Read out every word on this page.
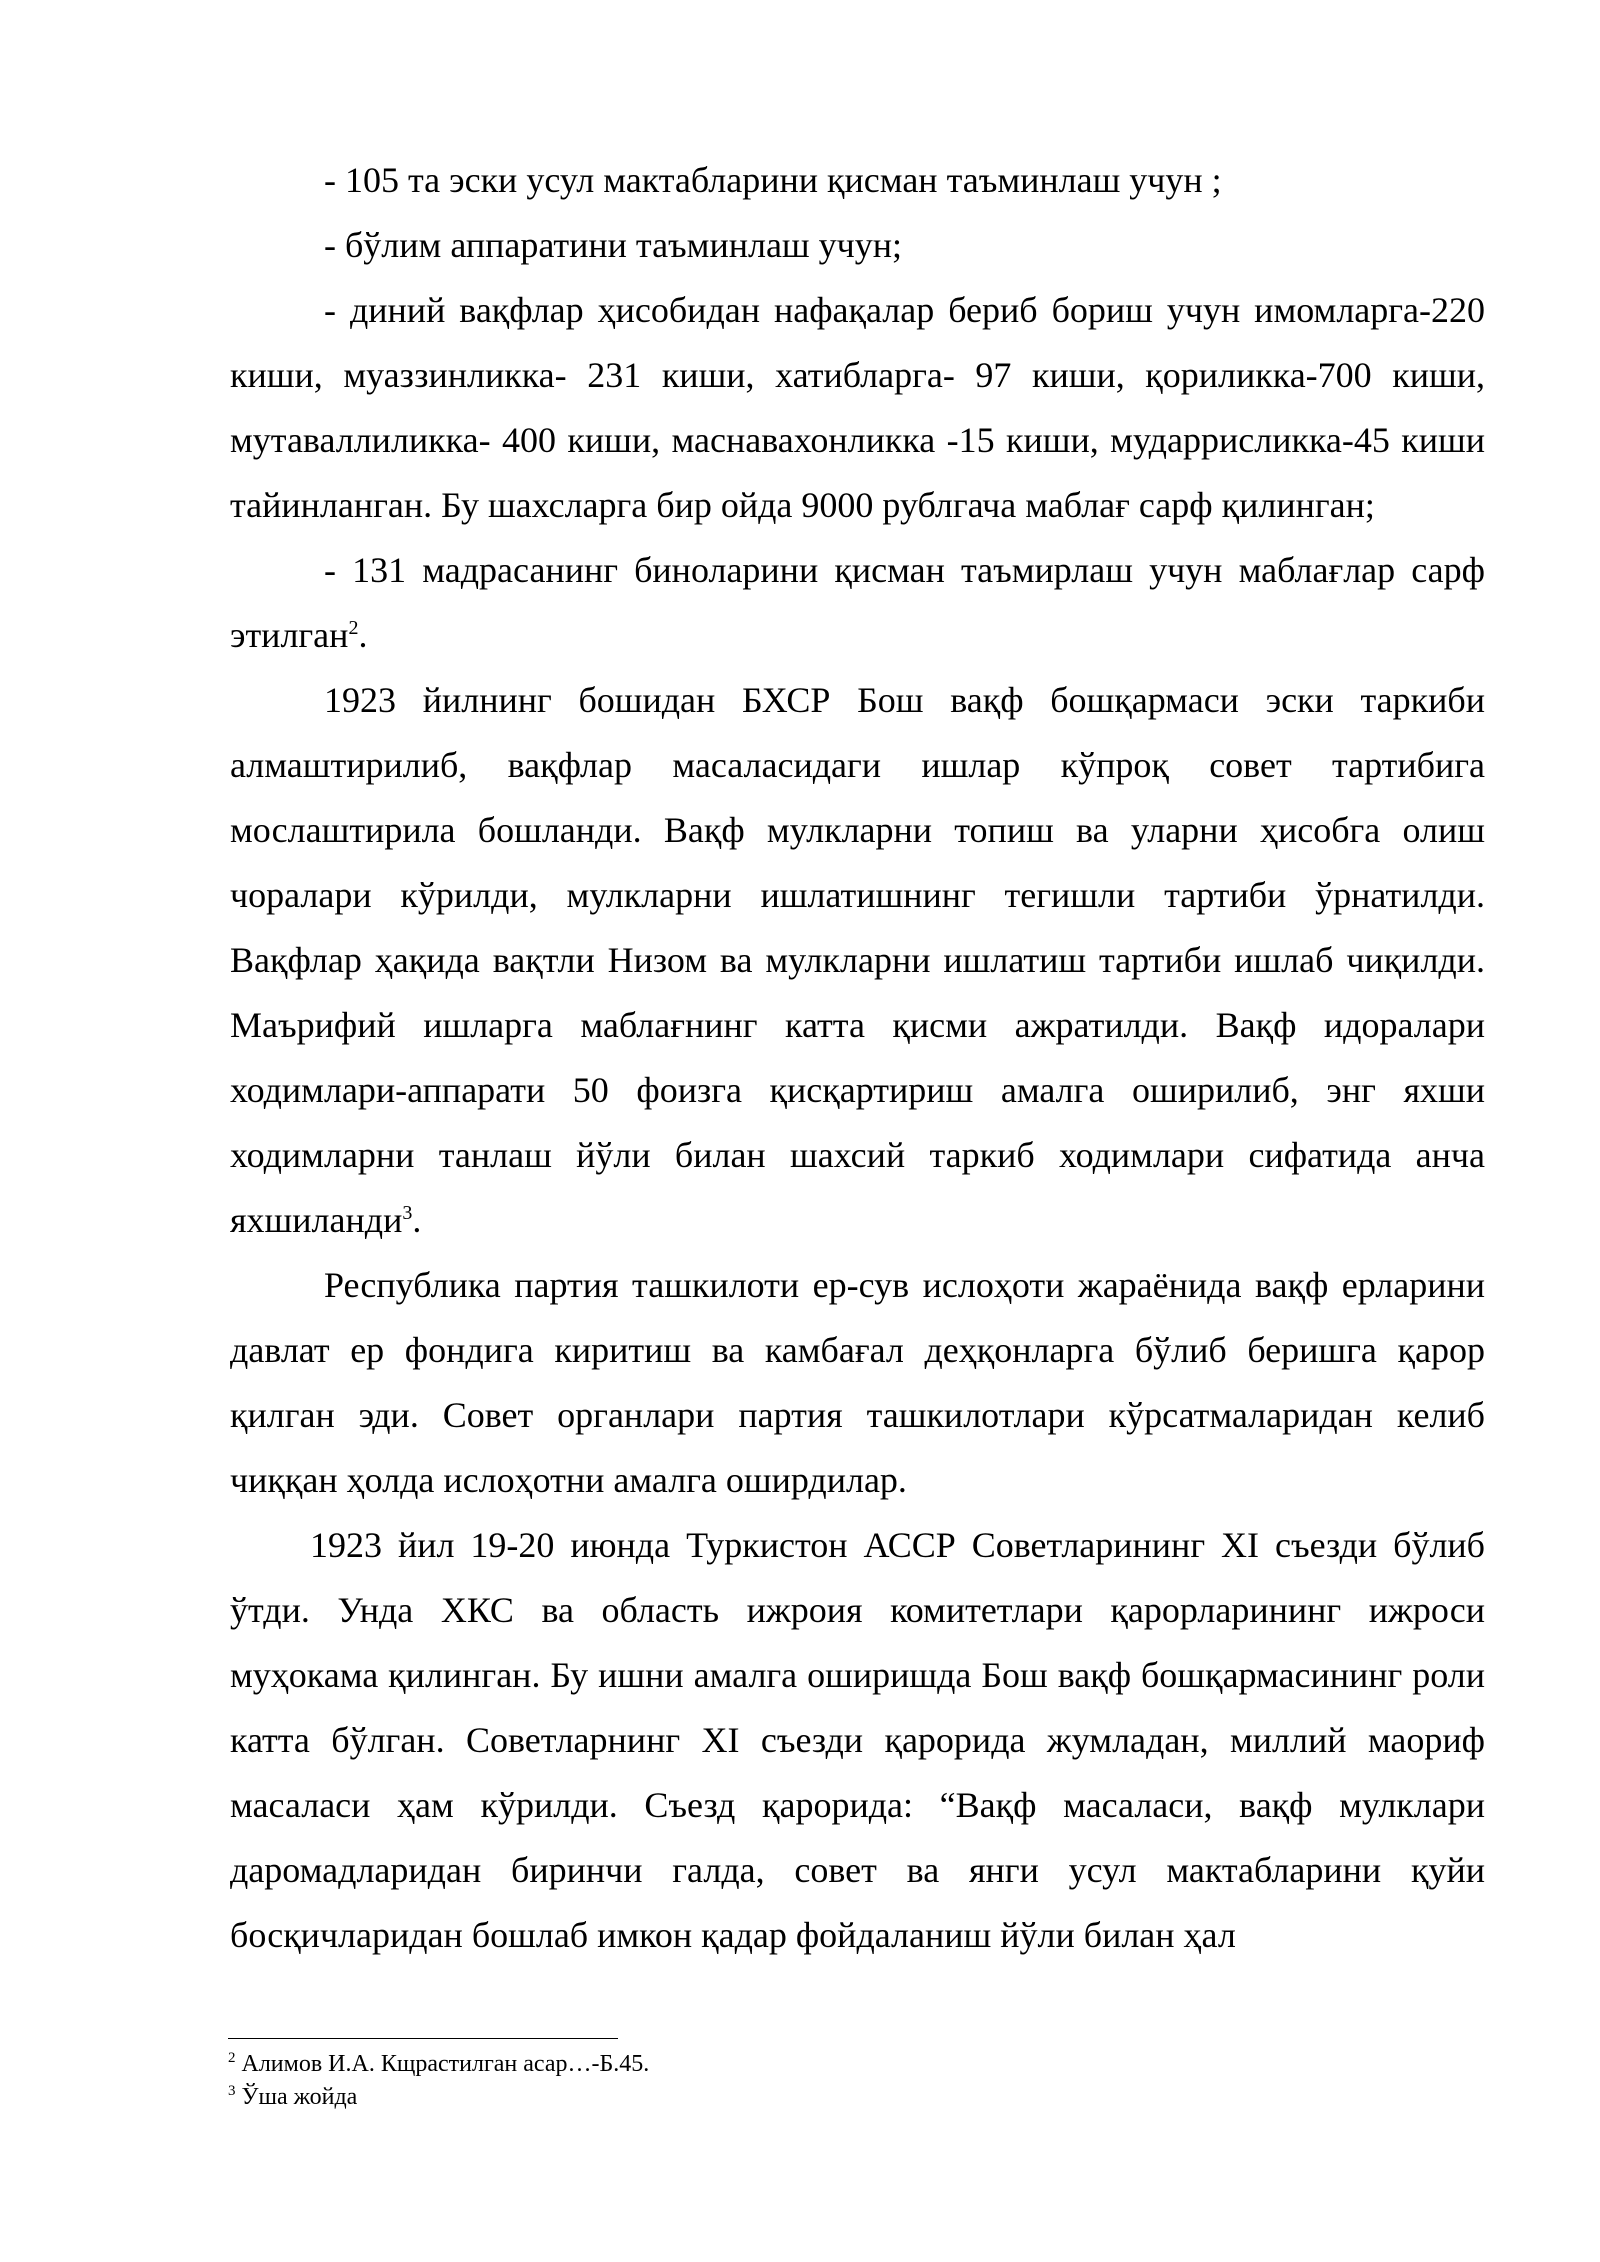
- 105 та эски усул мактабларини қисман таъминлаш учун ;

- бўлим аппаратини таъминлаш учун;

- диний вақфлар ҳисобидан нафақалар бериб бориш учун имомларга-220 киши, муаззинликка- 231 киши, хатибларга- 97 киши, қориликка-700 киши, мутаваллиликка- 400 киши, маснавахонликка -15 киши, мударрисликка-45 киши тайинланган. Бу шахсларга бир ойда 9000 рублгача маблағ сарф қилинган;

- 131 мадрасанинг биноларини қисман таъмирлаш учун маблағлар сарф этилган$^2$.

1923 йилнинг бошидан БХСР Бош вақф бошқармаси эски таркиби алмаштирилиб, вақфлар масаласидаги ишлар кўпроқ совет тартибига мослаштирила бошланди. Вақф мулкларни топиш ва уларни ҳисобга олиш чоралари кўрилди, мулкларни ишлатишнинг тегишли тартиби ўрнатилди. Вақфлар ҳақида вақтли Низом ва мулкларни ишлатиш тартиби ишлаб чиқилди. Маърифий ишларга маблағнинг катта қисми ажратилди. Вақф идоралари ходимлари-аппарати 50 фоизга қисқартириш амалга оширилиб, энг яхши ходимларни танлаш йўли билан шахсий таркиб ходимлари сифатида анча яхшиланди$^3$.

Республика партия ташкилоти ер-сув ислоҳоти жараёнида вақф ерларини давлат ер фондига киритиш ва камбағал деҳқонларга бўлиб беришга қарор қилган эди. Совет органлари партия ташкилотлари кўрсатмаларидан келиб чиққан ҳолда ислоҳотни амалга оширдилар.

1923 йил 19-20 июнда Туркистон АССР Советларининг XI съезди бўлиб ўтди. Унда ХКС ва область ижроия комитетлари қарорларининг ижроси муҳокама қилинган. Бу ишни амалга оширишда Бош вақф бошқармасининг роли катта бўлган. Советларнинг XI съезди қарорида жумладан, миллий маориф масаласи ҳам кўрилди. Съезд қарорида: “Вақф масаласи, вақф мулклари даромадларидан биринчи галда, совет ва янги усул мактабларини қуйи босқичларидан бошлаб имкон қадар фойдаланиш йўли билан ҳал

$^2$ Алимов И.А. Кщрастилган асар…-Б.45.

$^3$ Ўша жойда
